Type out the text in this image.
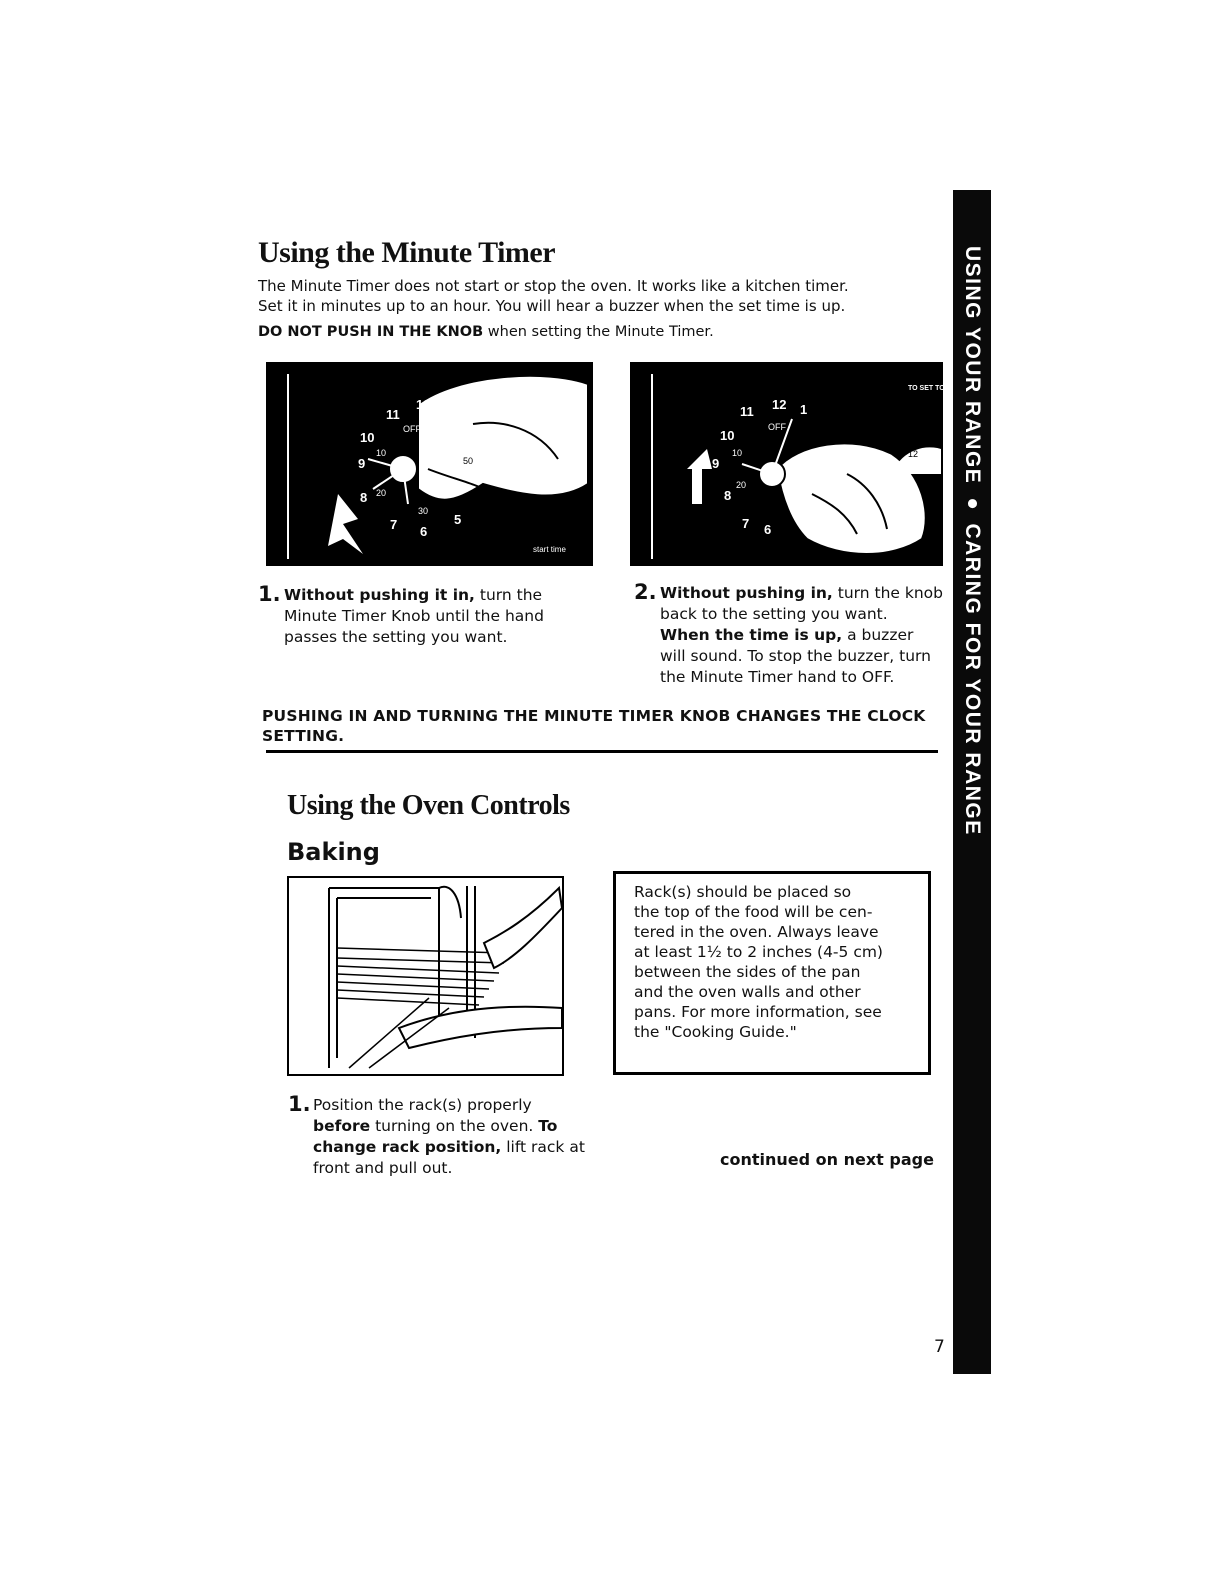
USING YOUR RANGE ● CARING FOR YOUR RANGE
Using the Minute Timer
The Minute Timer does not start or stop the oven. It works like a kitchen timer.
Set it in minutes up to an hour. You will hear a buzzer when the set time is up.
DO NOT PUSH IN THE KNOB when setting the Minute Timer.
12
11
10
9
8
7 6
5
10
20
30
50
OFF
start time
12 1
11
10
9
8
7 6
10
20
OFF
TO SET TO
12
1. Without pushing it in, turn the
Minute Timer Knob until the hand
passes the setting you want.
2. Without pushing in, turn the knob
back to the setting you want.
When the time is up, a buzzer
will sound. To stop the buzzer, turn
the Minute Timer hand to OFF.
PUSHING IN AND TURNING THE MINUTE TIMER KNOB CHANGES THE CLOCK
SETTING.
Using the Oven Controls
Baking
Rack(s) should be placed so
the top of the food will be cen-
tered in the oven. Always leave
at least 1½ to 2 inches (4-5 cm)
between the sides of the pan
and the oven walls and other
pans. For more information, see
the "Cooking Guide."
1. Position the rack(s) properly
before turning on the oven. To
change rack position, lift rack at
front and pull out.	continued on next page
7
